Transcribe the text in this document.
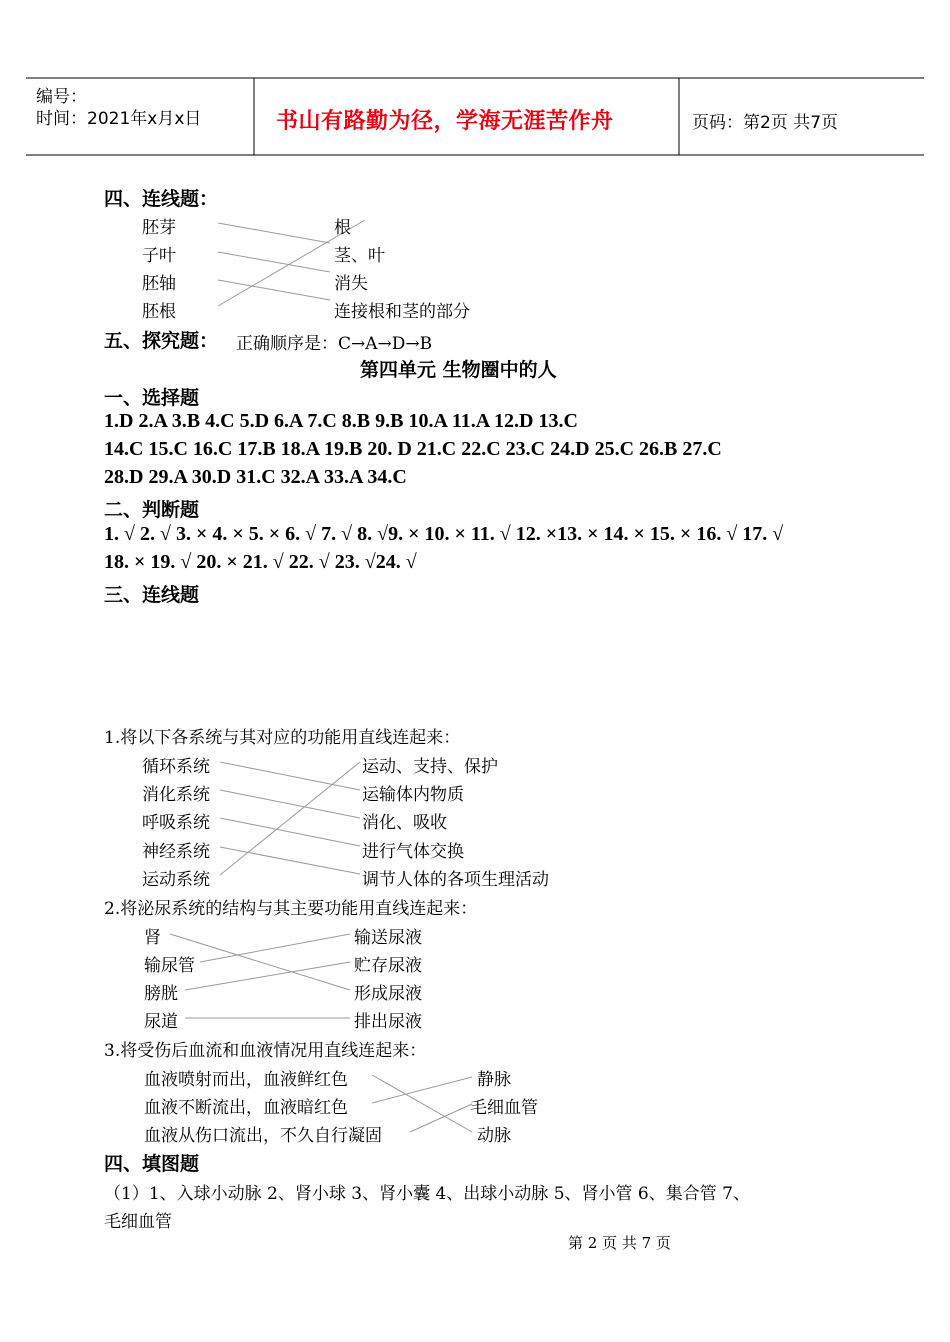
编号：
时间：2021年x月x日	书山有路勤为径，学海无涯苦作舟	页码：第2页 共7页
四、连线题：
胚芽
子叶
胚轴
胚根
根
茎、叶
消失
连接根和茎的部分
五、探究题： 正确顺序是：C→A→D→B
第四单元 生物圈中的人
一、选择题
1.D 2.A 3.B 4.C 5.D 6.A 7.C 8.B 9.B 10.A 11.A 12.D 13.C
14.C 15.C 16.C 17.B 18.A 19.B 20. D 21.C 22.C 23.C 24.D 25.C 26.B 27.C
28.D 29.A 30.D 31.C 32.A 33.A 34.C
二、判断题
1. √ 2. √ 3. × 4. × 5. × 6. √ 7. √ 8. √9. × 10. × 11. √ 12. ×13. × 14. × 15. × 16. √ 17. √
18. × 19. √ 20. × 21. √ 22. √ 23. √24. √
三、连线题
1.将以下各系统与其对应的功能用直线连起来：
循环系统
消化系统
呼吸系统
神经系统
运动系统
运动、支持、保护
运输体内物质
消化、吸收
进行气体交换
调节人体的各项生理活动
2.将泌尿系统的结构与其主要功能用直线连起来：
肾
输尿管
膀胱
尿道
输送尿液
贮存尿液
形成尿液
排出尿液
3.将受伤后血流和血液情况用直线连起来：
血液喷射而出，血液鲜红色
血液不断流出，血液暗红色
血液从伤口流出，不久自行凝固
静脉
毛细血管
动脉
四、填图题
（1）1、入球小动脉 2、肾小球 3、肾小囊 4、出球小动脉 5、肾小管 6、集合管 7、
毛细血管
第 2 页 共 7 页
